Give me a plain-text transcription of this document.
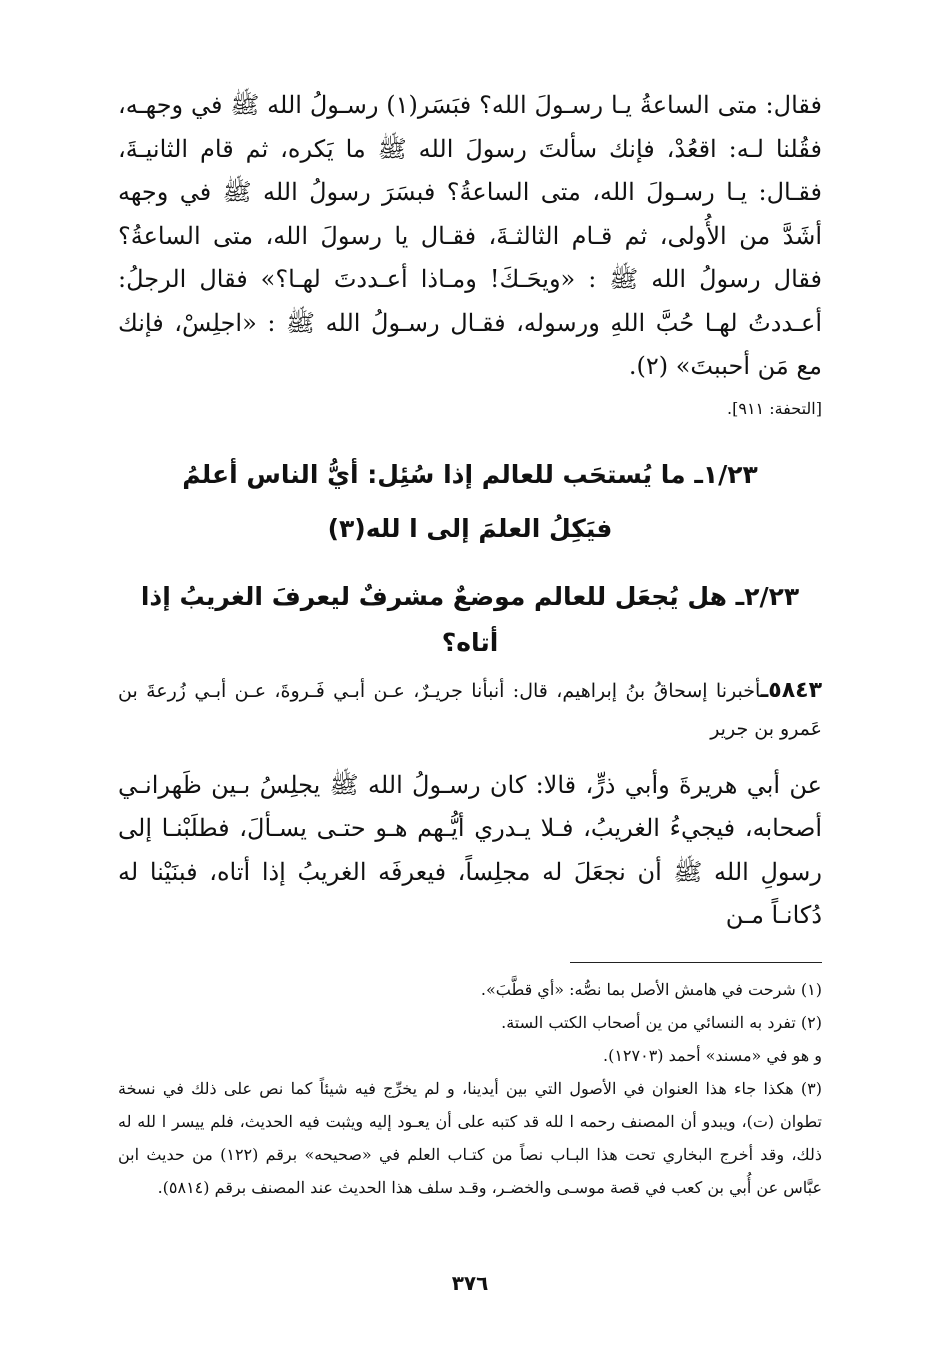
فقال: متى الساعةُ يـا رسـولَ الله؟ فبَسَر(١) رسـولُ الله ﷺ في وجهـه، فقُلنا لـه: اقعُدْ، فإنك سألتَ رسولَ الله ﷺ ما يَكره، ثم قام الثانيـةَ، فقـال: يـا رسـولَ الله، متى الساعةُ؟ فبسَرَ رسولُ الله ﷺ في وجهه أشَدَّ من الأُولى، ثم قـام الثالثـةَ، فقـال يا رسولَ الله، متى الساعةُ؟ فقال رسولُ الله ﷺ : «ويحَـكَ! ومـاذا أعـددتَ لهـا؟» فقال الرجلُ: أعـددتُ لهـا حُبَّ اللهِ ورسوله، فقـال رسـولُ الله ﷺ : «اجلِسْ، فإنك مع مَن أحببتَ» (٢).

[التحفة: ٩١١].

١/٢٣ـ ما يُستحَب للعالم إذا سُئِل: أيُّ الناس أعلمُ
فيَكِلُ العلمَ إلى ا لله(٣)
٢/٢٣ـ هل يُجعَل للعالم موضعٌ مشرفٌ ليعرفَ الغريبُ إذا أتاه؟

٥٨٤٣ـأخبرنا إسحاقُ بنُ إبراهيم، قال: أنبأنا جريـرٌ، عـن أبـي فَـروةَ، عـن أبـي زُرعةَ بن عَمرو بن جرير

عن أبي هريرةَ وأبي ذرٍّ، قالا: كان رسـولُ الله ﷺ يجلِسُ بـين ظَهرانـي أصحابه، فيجيءُ الغريبُ، فـلا يـدري أيُّـهم هـو حتـى يسـألَ، فطلَبْنـا إلى رسولِ الله ﷺ أن نجعَلَ له مجلِساً، فيعرفَه الغريبُ إذا أتاه، فبنَيْنا له دُكانـاً مـن

(١) شرحت في هامش الأصل بما نصُّه: «أي قطَّبَ».

(٢) تفرد به النسائي من ين أصحاب الكتب الستة.

و هو في «مسند» أحمد (١٢٧٠٣).

(٣) هكذا جاء هذا العنوان في الأصول التي بين أيدينا، و لم يخرِّج فيه شيئاً كما نص على ذلك في نسخة تطوان (ت)، ويبدو أن المصنف رحمه ا لله قد كتبه على أن يعـود إليه ويثبت فيه الحديث، فلم ييسر ا لله له ذلك، وقد أخرج البخاري تحت هذا البـاب نصاً من كتـاب العلم في «صحيحه» برقم (١٢٢) من حديث ابن عبَّاس عن أُبي بن كعب في قصة موسـى والخضـر، وقـد سلف هذا الحديث عند المصنف برقم (٥٨١٤).

٣٧٦
